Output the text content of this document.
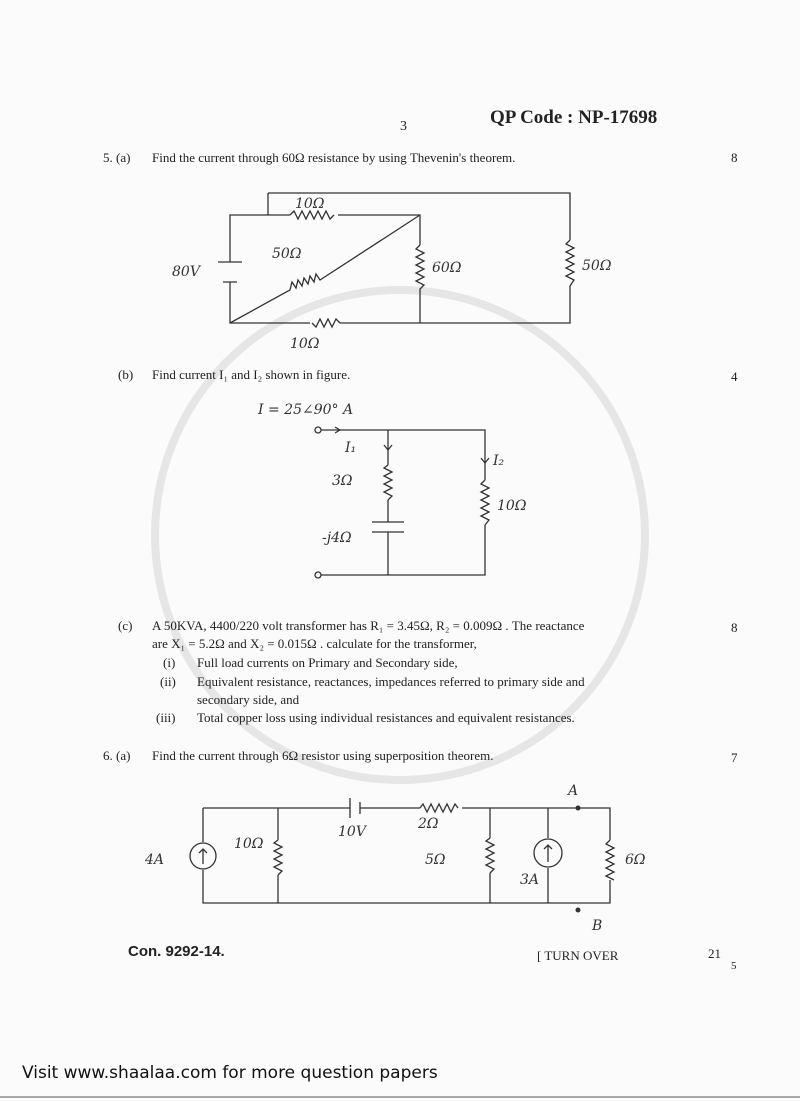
3	QP Code : NP-17698
5. (a) Find the current through 60Ω resistance by using Thevenin's theorem.	8
(b) Find current I₁ and I₂ shown in figure.	4
(c) A 50KVA, 4400/220 volt transformer has R₁ = 3.45Ω, R₂ = 0.009Ω . The reactance
are X₁ = 5.2Ω and X₂ = 0.015Ω . calculate for the transformer,
8
(i) Full load currents on Primary and Secondary side,
(ii) Equivalent resistance, reactances, impedances referred to primary side and
secondary side, and
(iii) Total copper loss using individual resistances and equivalent resistances.
6. (a) Find the current through 6Ω resistor using superposition theorem.	7
10Ω
50Ω
80V	60Ω	50Ω
10Ω
I = 25∠90° A
I₁
I₂
3Ω
10Ω
-j4Ω
4A
10Ω
10V	2Ω
5Ω
3A
6Ω
A
B
Con. 9292-14.	[ TURN OVER	21
5
Visit www.shaalaa.com for more question papers
